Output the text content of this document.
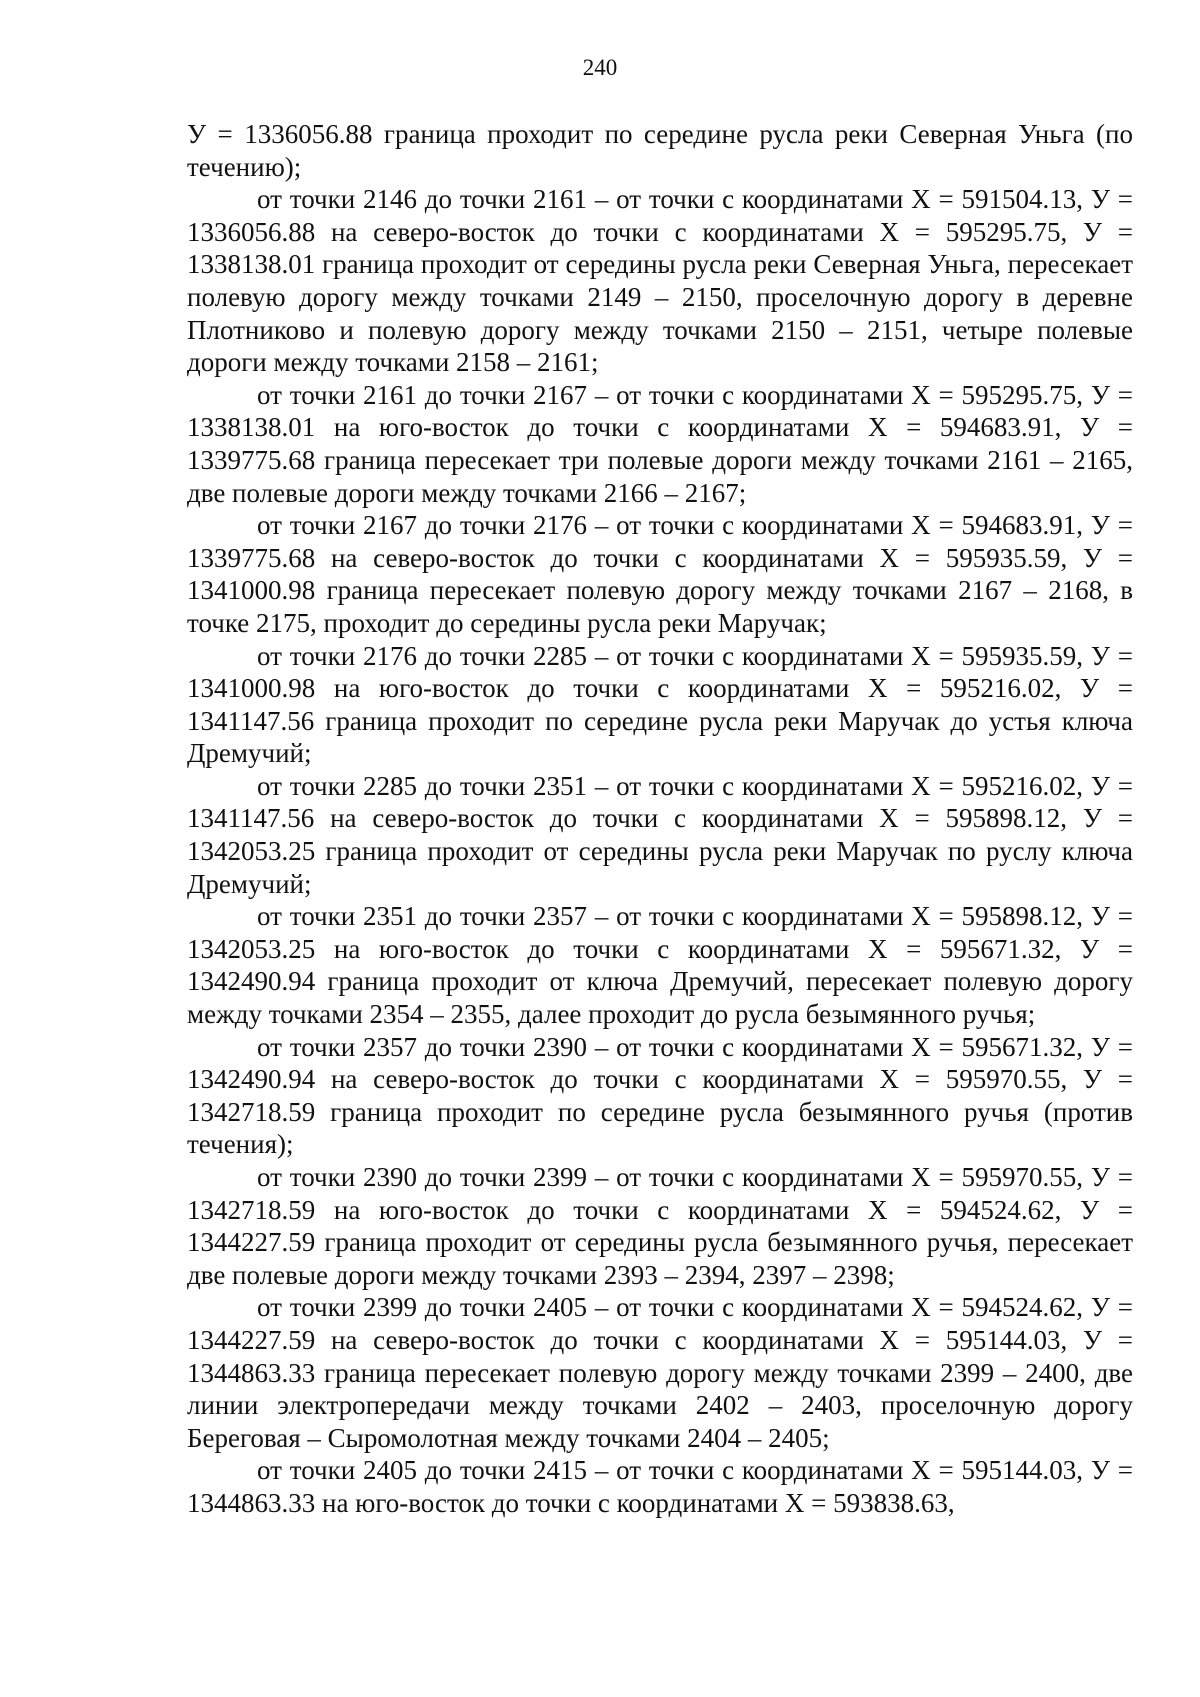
240

У = 1336056.88 граница проходит по середине русла реки Северная Уньга (по течению);

от точки 2146 до точки 2161 – от точки с координатами Х = 591504.13, У = 1336056.88 на северо-восток до точки с координатами Х = 595295.75, У = 1338138.01 граница проходит от середины русла реки Северная Уньга, пересекает полевую дорогу между точками 2149 – 2150, проселочную дорогу в деревне Плотниково и полевую дорогу между точками 2150 – 2151, четыре полевые дороги между точками 2158 – 2161;

от точки 2161 до точки 2167 – от точки с координатами Х = 595295.75, У = 1338138.01 на юго-восток до точки с координатами Х = 594683.91, У = 1339775.68 граница пересекает три полевые дороги между точками 2161 – 2165, две полевые дороги между точками 2166 – 2167;

от точки 2167 до точки 2176 – от точки с координатами Х = 594683.91, У = 1339775.68 на северо-восток до точки с координатами Х = 595935.59, У = 1341000.98 граница пересекает полевую дорогу между точками 2167 – 2168, в точке 2175, проходит до середины русла реки Маручак;

от точки 2176 до точки 2285 – от точки с координатами Х = 595935.59, У = 1341000.98 на юго-восток до точки с координатами Х = 595216.02, У = 1341147.56 граница проходит по середине русла реки Маручак до устья ключа Дремучий;

от точки 2285 до точки 2351 – от точки с координатами Х = 595216.02, У = 1341147.56 на северо-восток до точки с координатами Х = 595898.12, У = 1342053.25 граница проходит от середины русла реки Маручак по руслу ключа Дремучий;

от точки 2351 до точки 2357 – от точки с координатами Х = 595898.12, У = 1342053.25 на юго-восток до точки с координатами Х = 595671.32, У = 1342490.94 граница проходит от ключа Дремучий, пересекает полевую дорогу между точками 2354 – 2355, далее проходит до русла безымянного ручья;

от точки 2357 до точки 2390 – от точки с координатами Х = 595671.32, У = 1342490.94 на северо-восток до точки с координатами Х = 595970.55, У = 1342718.59 граница проходит по середине русла безымянного ручья (против течения);

от точки 2390 до точки 2399 – от точки с координатами Х = 595970.55, У = 1342718.59 на юго-восток до точки с координатами Х = 594524.62, У = 1344227.59 граница проходит от середины русла безымянного ручья, пересекает две полевые дороги между точками 2393 – 2394, 2397 – 2398;

от точки 2399 до точки 2405 – от точки с координатами Х = 594524.62, У = 1344227.59 на северо-восток до точки с координатами Х = 595144.03, У = 1344863.33 граница пересекает полевую дорогу между точками 2399 – 2400, две линии электропередачи между точками 2402 – 2403, проселочную дорогу Береговая – Сыромолотная между точками 2404 – 2405;

от точки 2405 до точки 2415 – от точки с координатами Х = 595144.03, У = 1344863.33 на юго-восток до точки с координатами Х = 593838.63,
